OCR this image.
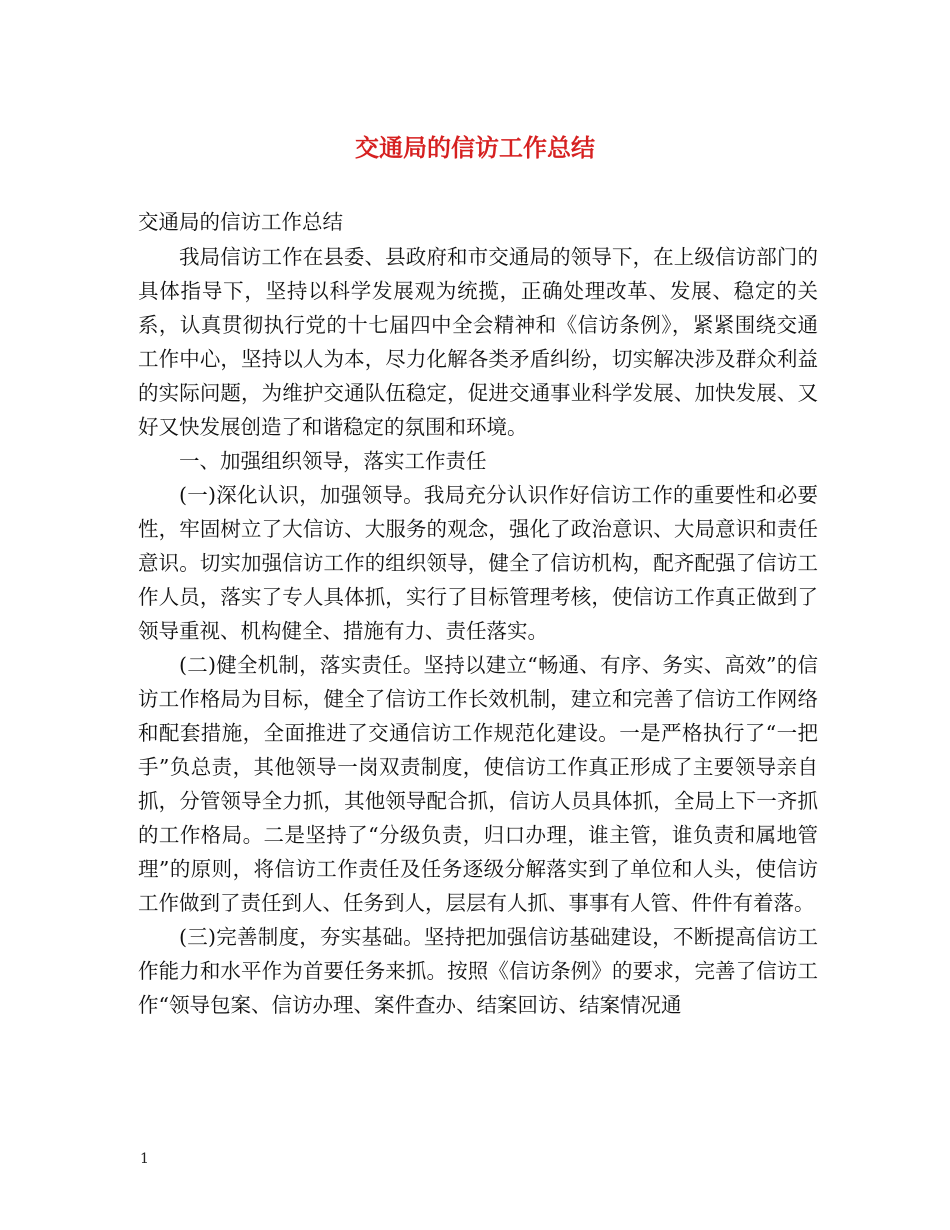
交通局的信访工作总结

交通局的信访工作总结

我局信访工作在县委、县政府和市交通局的领导下，在上级信访部门的具体指导下，坚持以科学发展观为统揽，正确处理改革、发展、稳定的关系，认真贯彻执行党的十七届四中全会精神和《信访条例》，紧紧围绕交通工作中心，坚持以人为本，尽力化解各类矛盾纠纷，切实解决涉及群众利益的实际问题，为维护交通队伍稳定，促进交通事业科学发展、加快发展、又好又快发展创造了和谐稳定的氛围和环境。

一、加强组织领导，落实工作责任

(一)深化认识，加强领导。我局充分认识作好信访工作的重要性和必要性，牢固树立了大信访、大服务的观念，强化了政治意识、大局意识和责任意识。切实加强信访工作的组织领导，健全了信访机构，配齐配强了信访工作人员，落实了专人具体抓，实行了目标管理考核，使信访工作真正做到了领导重视、机构健全、措施有力、责任落实。

(二)健全机制，落实责任。坚持以建立“畅通、有序、务实、高效”的信访工作格局为目标，健全了信访工作长效机制，建立和完善了信访工作网络和配套措施，全面推进了交通信访工作规范化建设。一是严格执行了“一把手”负总责，其他领导一岗双责制度，使信访工作真正形成了主要领导亲自抓，分管领导全力抓，其他领导配合抓，信访人员具体抓，全局上下一齐抓的工作格局。二是坚持了“分级负责，归口办理，谁主管，谁负责和属地管理”的原则，将信访工作责任及任务逐级分解落实到了单位和人头，使信访工作做到了责任到人、任务到人，层层有人抓、事事有人管、件件有着落。

(三)完善制度，夯实基础。坚持把加强信访基础建设，不断提高信访工作能力和水平作为首要任务来抓。按照《信访条例》的要求，完善了信访工作“领导包案、信访办理、案件查办、结案回访、结案情况通

1
